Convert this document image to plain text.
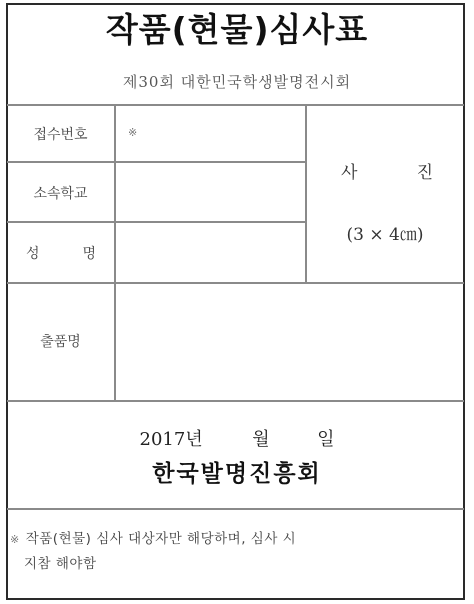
작품(현물)심사표
제30회 대한민국학생발명전시회
접수번호	※
소속학교
성	명
출품명
사	진
(3 × 4㎝)
2017년	월	일
한국발명진흥회
※ 작품(현물) 심사 대상자만 해당하며, 심사 시
지참 해야함
